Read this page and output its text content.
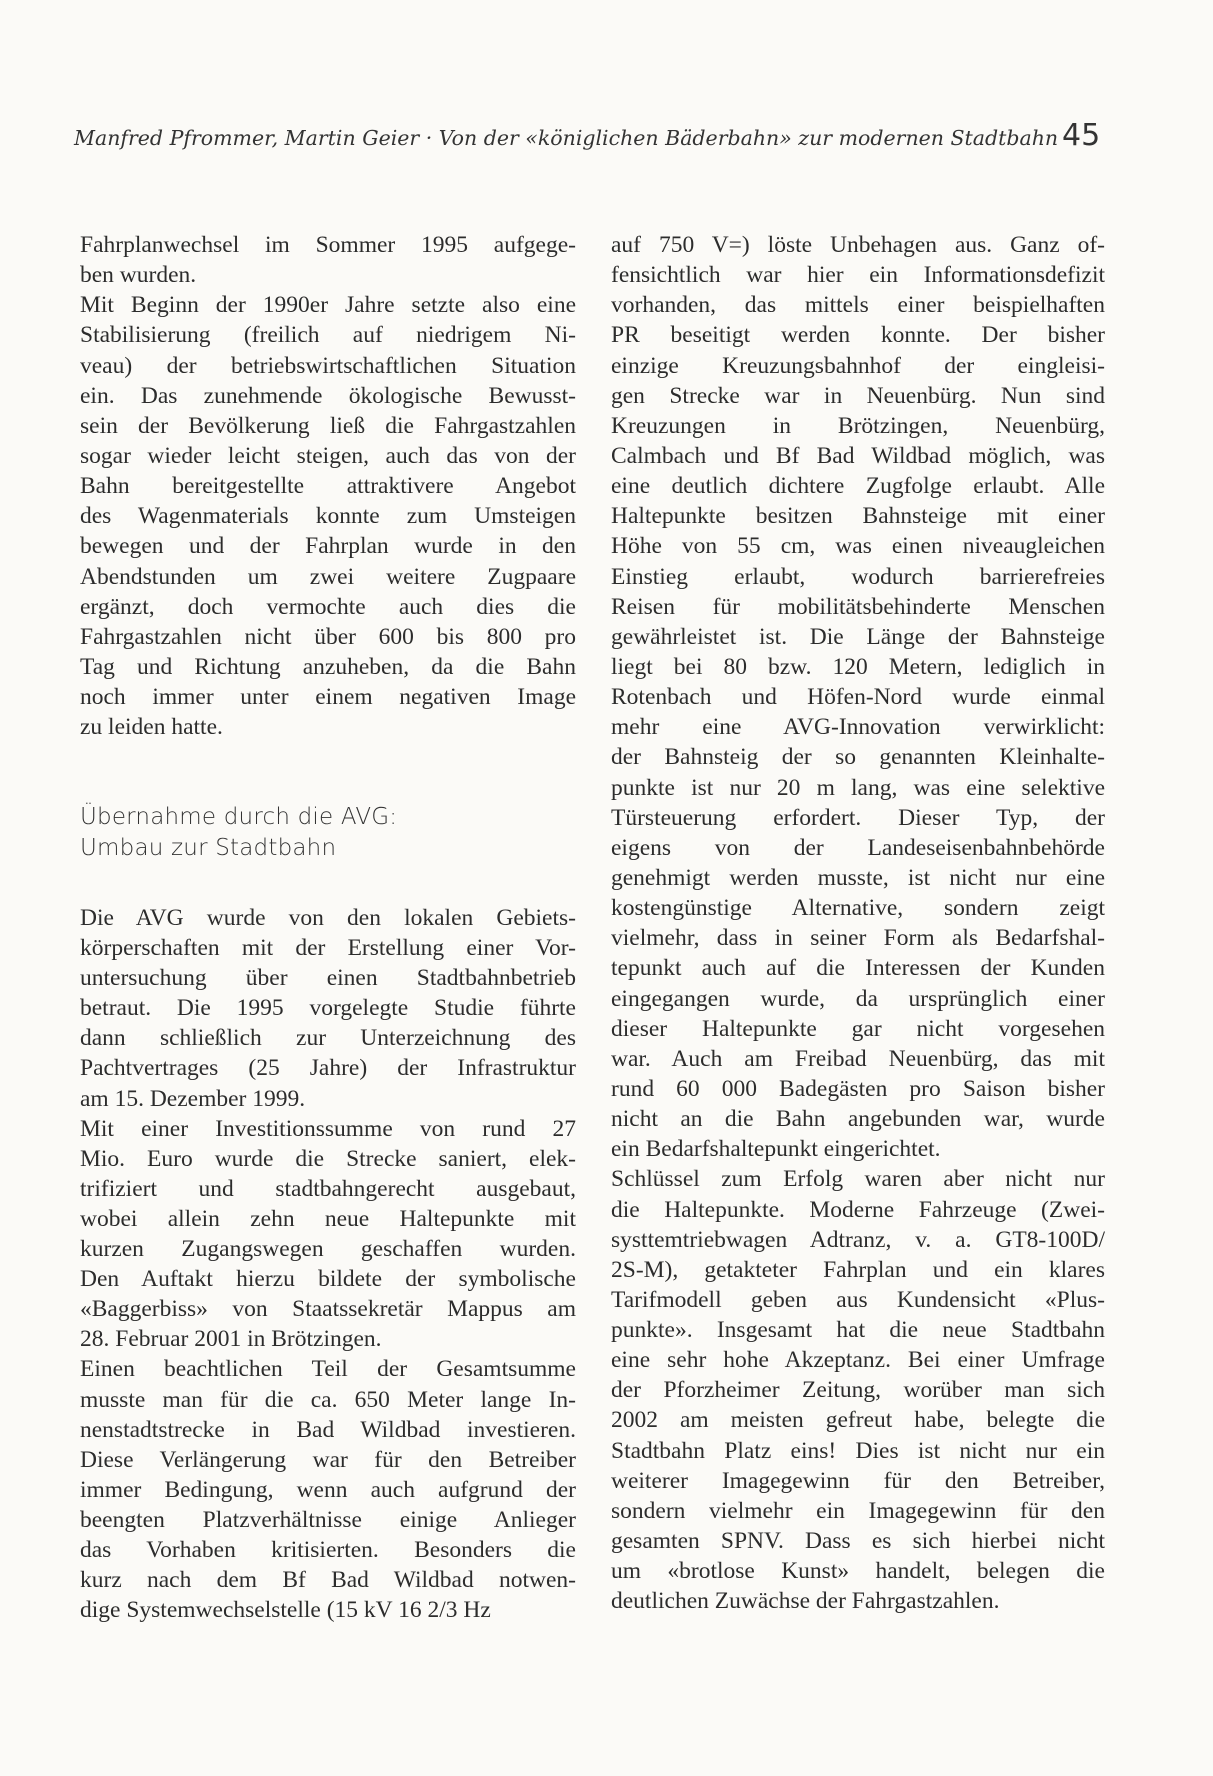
Manfred Pfrommer, Martin Geier · Von der «königlichen Bäderbahn» zur modernen Stadtbahn 45
Fahrplanwechsel im Sommer 1995 aufgege-
ben wurden.
Mit Beginn der 1990er Jahre setzte also eine
Stabilisierung (freilich auf niedrigem Ni-
veau) der betriebswirtschaftlichen Situation
ein. Das zunehmende ökologische Bewusst-
sein der Bevölkerung ließ die Fahrgastzahlen
sogar wieder leicht steigen, auch das von der
Bahn bereitgestellte attraktivere Angebot
des Wagenmaterials konnte zum Umsteigen
bewegen und der Fahrplan wurde in den
Abendstunden um zwei weitere Zugpaare
ergänzt, doch vermochte auch dies die
Fahrgastzahlen nicht über 600 bis 800 pro
Tag und Richtung anzuheben, da die Bahn
noch immer unter einem negativen Image
zu leiden hatte.
Übernahme durch die AVG:
Umbau zur Stadtbahn
Die AVG wurde von den lokalen Gebiets-
körperschaften mit der Erstellung einer Vor-
untersuchung über einen Stadtbahnbetrieb
betraut. Die 1995 vorgelegte Studie führte
dann schließlich zur Unterzeichnung des
Pachtvertrages (25 Jahre) der Infrastruktur
am 15. Dezember 1999.
Mit einer Investitionssumme von rund 27
Mio. Euro wurde die Strecke saniert, elek-
trifiziert und stadtbahngerecht ausgebaut,
wobei allein zehn neue Haltepunkte mit
kurzen Zugangswegen geschaffen wurden.
Den Auftakt hierzu bildete der symbolische
«Baggerbiss» von Staatssekretär Mappus am
28. Februar 2001 in Brötzingen.
Einen beachtlichen Teil der Gesamtsumme
musste man für die ca. 650 Meter lange In-
nenstadtstrecke in Bad Wildbad investieren.
Diese Verlängerung war für den Betreiber
immer Bedingung, wenn auch aufgrund der
beengten Platzverhältnisse einige Anlieger
das Vorhaben kritisierten. Besonders die
kurz nach dem Bf Bad Wildbad notwen-
dige Systemwechselstelle (15 kV 16 2/3 Hz
auf 750 V=) löste Unbehagen aus. Ganz of-
fensichtlich war hier ein Informationsdefizit
vorhanden, das mittels einer beispielhaften
PR beseitigt werden konnte. Der bisher
einzige Kreuzungsbahnhof der eingleisi-
gen Strecke war in Neuenbürg. Nun sind
Kreuzungen in Brötzingen, Neuenbürg,
Calmbach und Bf Bad Wildbad möglich, was
eine deutlich dichtere Zugfolge erlaubt. Alle
Haltepunkte besitzen Bahnsteige mit einer
Höhe von 55 cm, was einen niveaugleichen
Einstieg erlaubt, wodurch barrierefreies
Reisen für mobilitätsbehinderte Menschen
gewährleistet ist. Die Länge der Bahnsteige
liegt bei 80 bzw. 120 Metern, lediglich in
Rotenbach und Höfen-Nord wurde einmal
mehr eine AVG-Innovation verwirklicht:
der Bahnsteig der so genannten Kleinhalte-
punkte ist nur 20 m lang, was eine selektive
Türsteuerung erfordert. Dieser Typ, der
eigens von der Landeseisenbahnbehörde
genehmigt werden musste, ist nicht nur eine
kostengünstige Alternative, sondern zeigt
vielmehr, dass in seiner Form als Bedarfshal-
tepunkt auch auf die Interessen der Kunden
eingegangen wurde, da ursprünglich einer
dieser Haltepunkte gar nicht vorgesehen
war. Auch am Freibad Neuenbürg, das mit
rund 60 000 Badegästen pro Saison bisher
nicht an die Bahn angebunden war, wurde
ein Bedarfshaltepunkt eingerichtet.
Schlüssel zum Erfolg waren aber nicht nur
die Haltepunkte. Moderne Fahrzeuge (Zwei-
systtemtriebwagen Adtranz, v. a. GT8-100D/
2S-M), getakteter Fahrplan und ein klares
Tarifmodell geben aus Kundensicht «Plus-
punkte». Insgesamt hat die neue Stadtbahn
eine sehr hohe Akzeptanz. Bei einer Umfrage
der Pforzheimer Zeitung, worüber man sich
2002 am meisten gefreut habe, belegte die
Stadtbahn Platz eins! Dies ist nicht nur ein
weiterer Imagegewinn für den Betreiber,
sondern vielmehr ein Imagegewinn für den
gesamten SPNV. Dass es sich hierbei nicht
um «brotlose Kunst» handelt, belegen die
deutlichen Zuwächse der Fahrgastzahlen.
